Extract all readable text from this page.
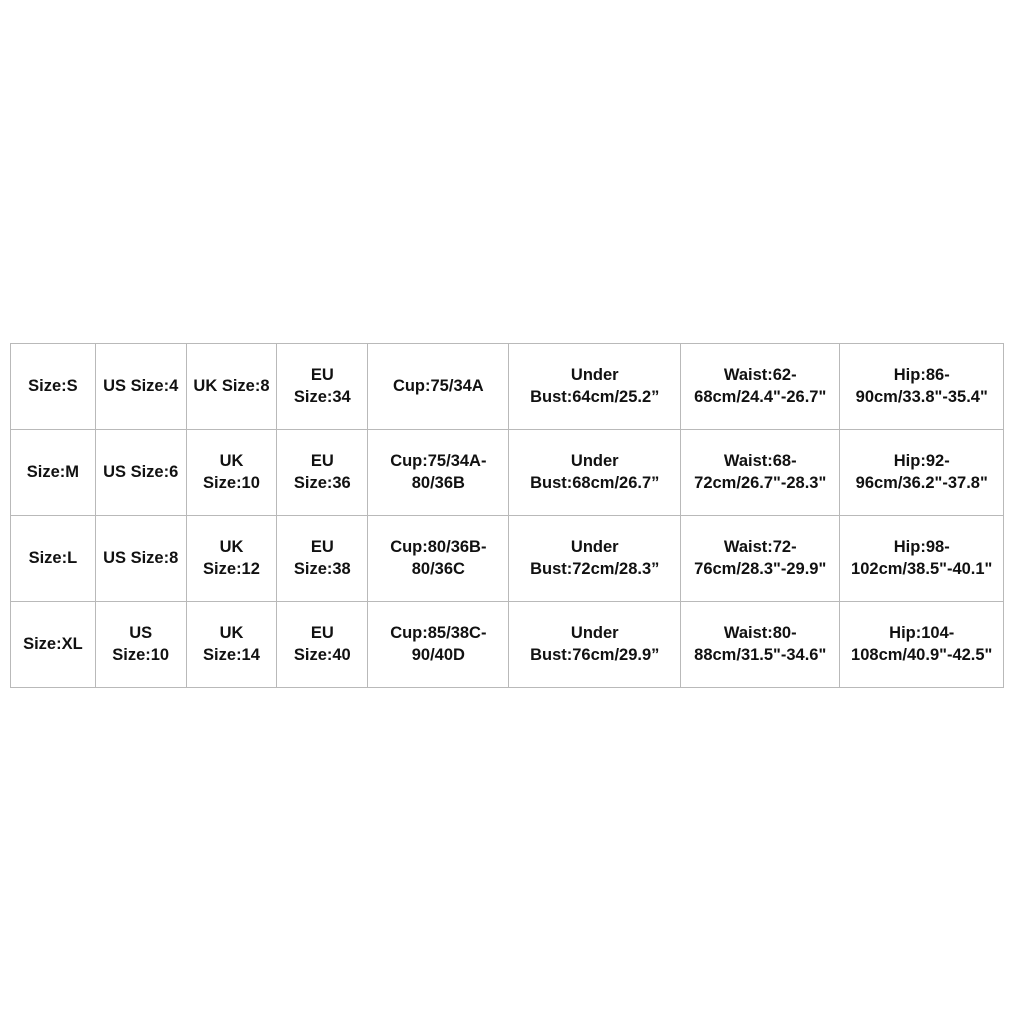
Size:S	US Size:4	UK Size:8	EU Size:34	Cup:75/34A	Under Bust:64cm/25.2”	Waist:62-68cm/24.4"-26.7"	Hip:86-90cm/33.8"-35.4"
Size:M	US Size:6	UK Size:10	EU Size:36	Cup:75/34A-80/36B	Under Bust:68cm/26.7”	Waist:68-72cm/26.7"-28.3"	Hip:92-96cm/36.2"-37.8"
Size:L	US Size:8	UK Size:12	EU Size:38	Cup:80/36B-80/36C	Under Bust:72cm/28.3”	Waist:72-76cm/28.3"-29.9"	Hip:98-102cm/38.5"-40.1"
Size:XL	US Size:10	UK Size:14	EU Size:40	Cup:85/38C-90/40D	Under Bust:76cm/29.9”	Waist:80-88cm/31.5"-34.6"	Hip:104-108cm/40.9"-42.5"
